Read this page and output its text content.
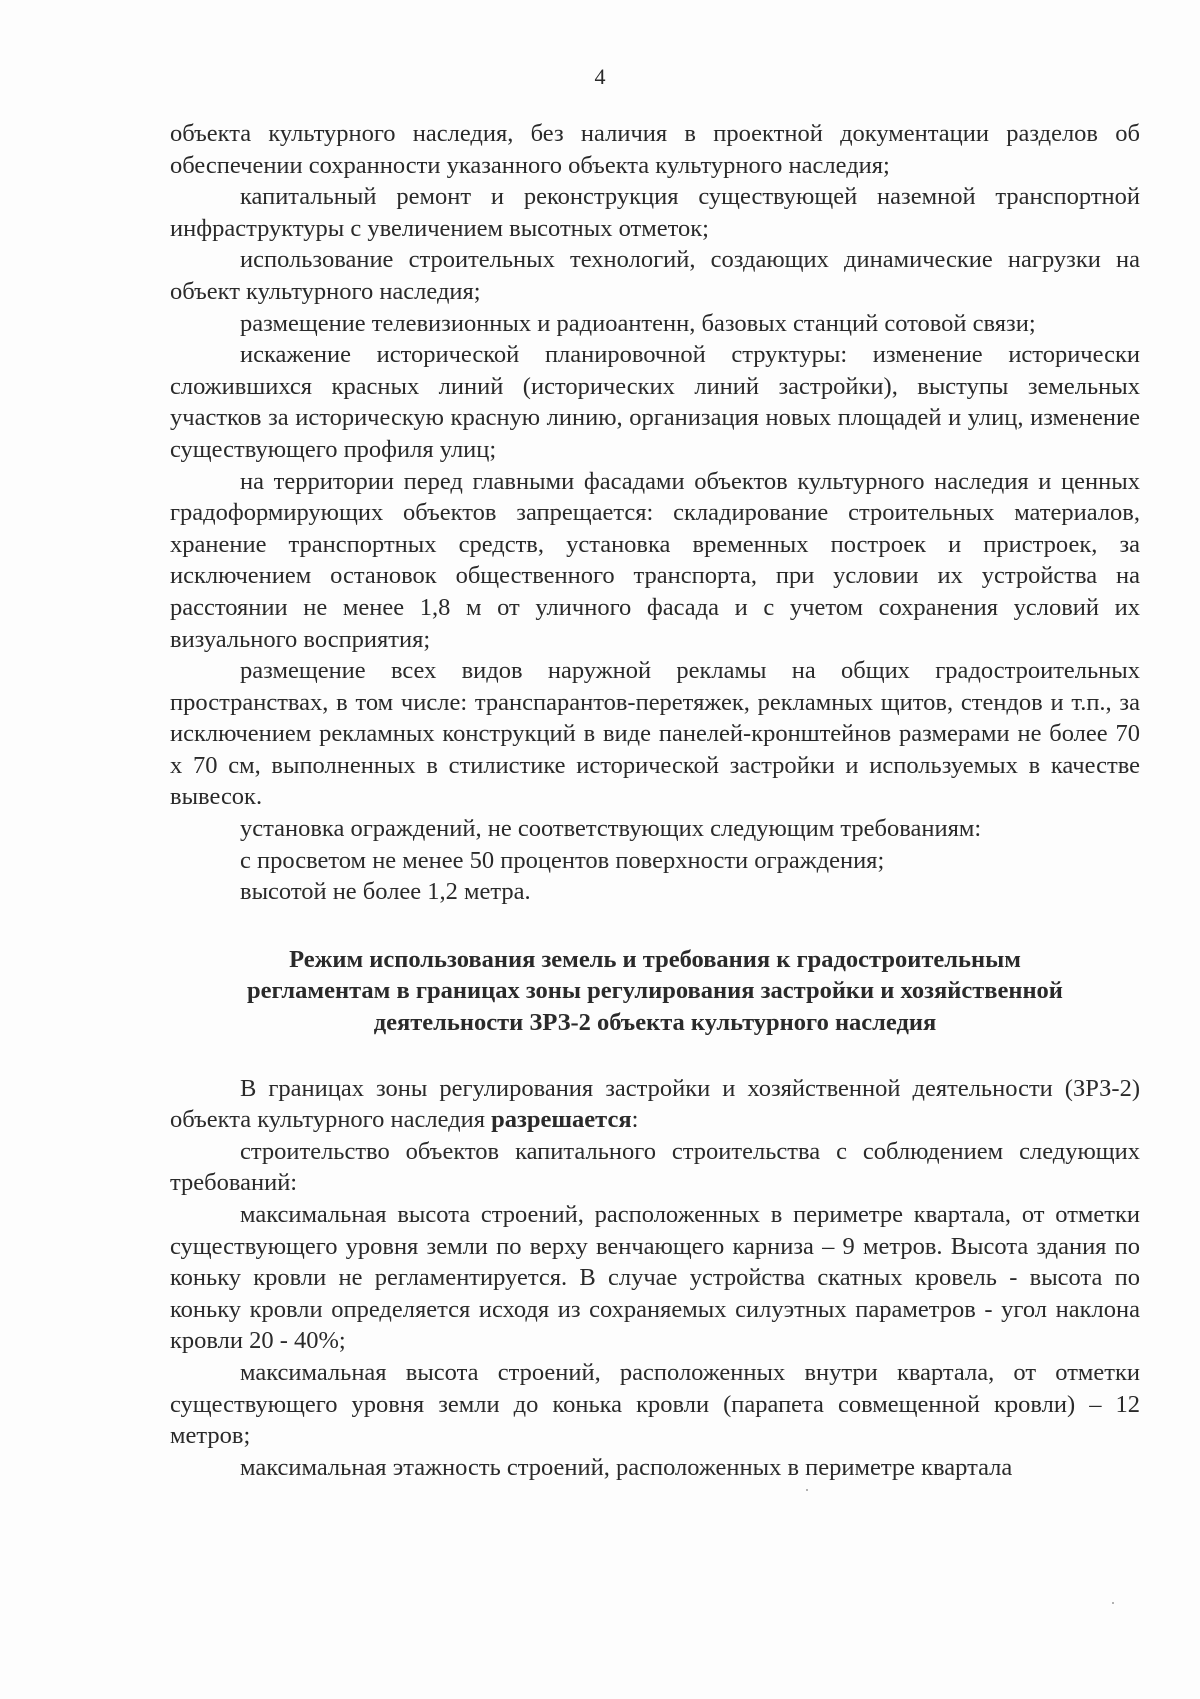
4

объекта культурного наследия, без наличия в проектной документации разделов об обеспечении сохранности указанного объекта культурного наследия;

капитальный ремонт и реконструкция существующей наземной транспортной инфраструктуры с увеличением высотных отметок;

использование строительных технологий, создающих динамические нагрузки на объект культурного наследия;

размещение телевизионных и радиоантенн, базовых станций сотовой связи;

искажение исторической планировочной структуры: изменение исторически сложившихся красных линий (исторических линий застройки), выступы земельных участков за историческую красную линию, организация новых площадей и улиц, изменение существующего профиля улиц;

на территории перед главными фасадами объектов культурного наследия и ценных градоформирующих объектов запрещается: складирование строительных материалов, хранение транспортных средств, установка временных построек и пристроек, за исключением остановок общественного транспорта, при условии их устройства на расстоянии не менее 1,8 м от уличного фасада и с учетом сохранения условий их визуального восприятия;

размещение всех видов наружной рекламы на общих градостроительных пространствах, в том числе: транспарантов-перетяжек, рекламных щитов, стендов и т.п., за исключением рекламных конструкций в виде панелей-кронштейнов размерами не более 70 х 70 см, выполненных в стилистике исторической застройки и используемых в качестве вывесок.

установка ограждений, не соответствующих следующим требованиям:

с просветом не менее 50 процентов поверхности ограждения;

высотой не более 1,2 метра.

Режим использования земель и требования к градостроительным
регламентам в границах зоны регулирования застройки и хозяйственной
деятельности ЗРЗ-2 объекта культурного наследия

В границах зоны регулирования застройки и хозяйственной деятельности (ЗРЗ-2) объекта культурного наследия разрешается:

строительство объектов капитального строительства с соблюдением следующих требований:

максимальная высота строений, расположенных в периметре квартала, от отметки существующего уровня земли по верху венчающего карниза – 9 метров. Высота здания по коньку кровли не регламентируется. В случае устройства скатных кровель - высота по коньку кровли определяется исходя из сохраняемых силуэтных параметров - угол наклона кровли 20 - 40%;

максимальная высота строений, расположенных внутри квартала, от отметки существующего уровня земли до конька кровли (парапета совмещенной кровли) – 12 метров;

максимальная этажность строений, расположенных в периметре квартала
